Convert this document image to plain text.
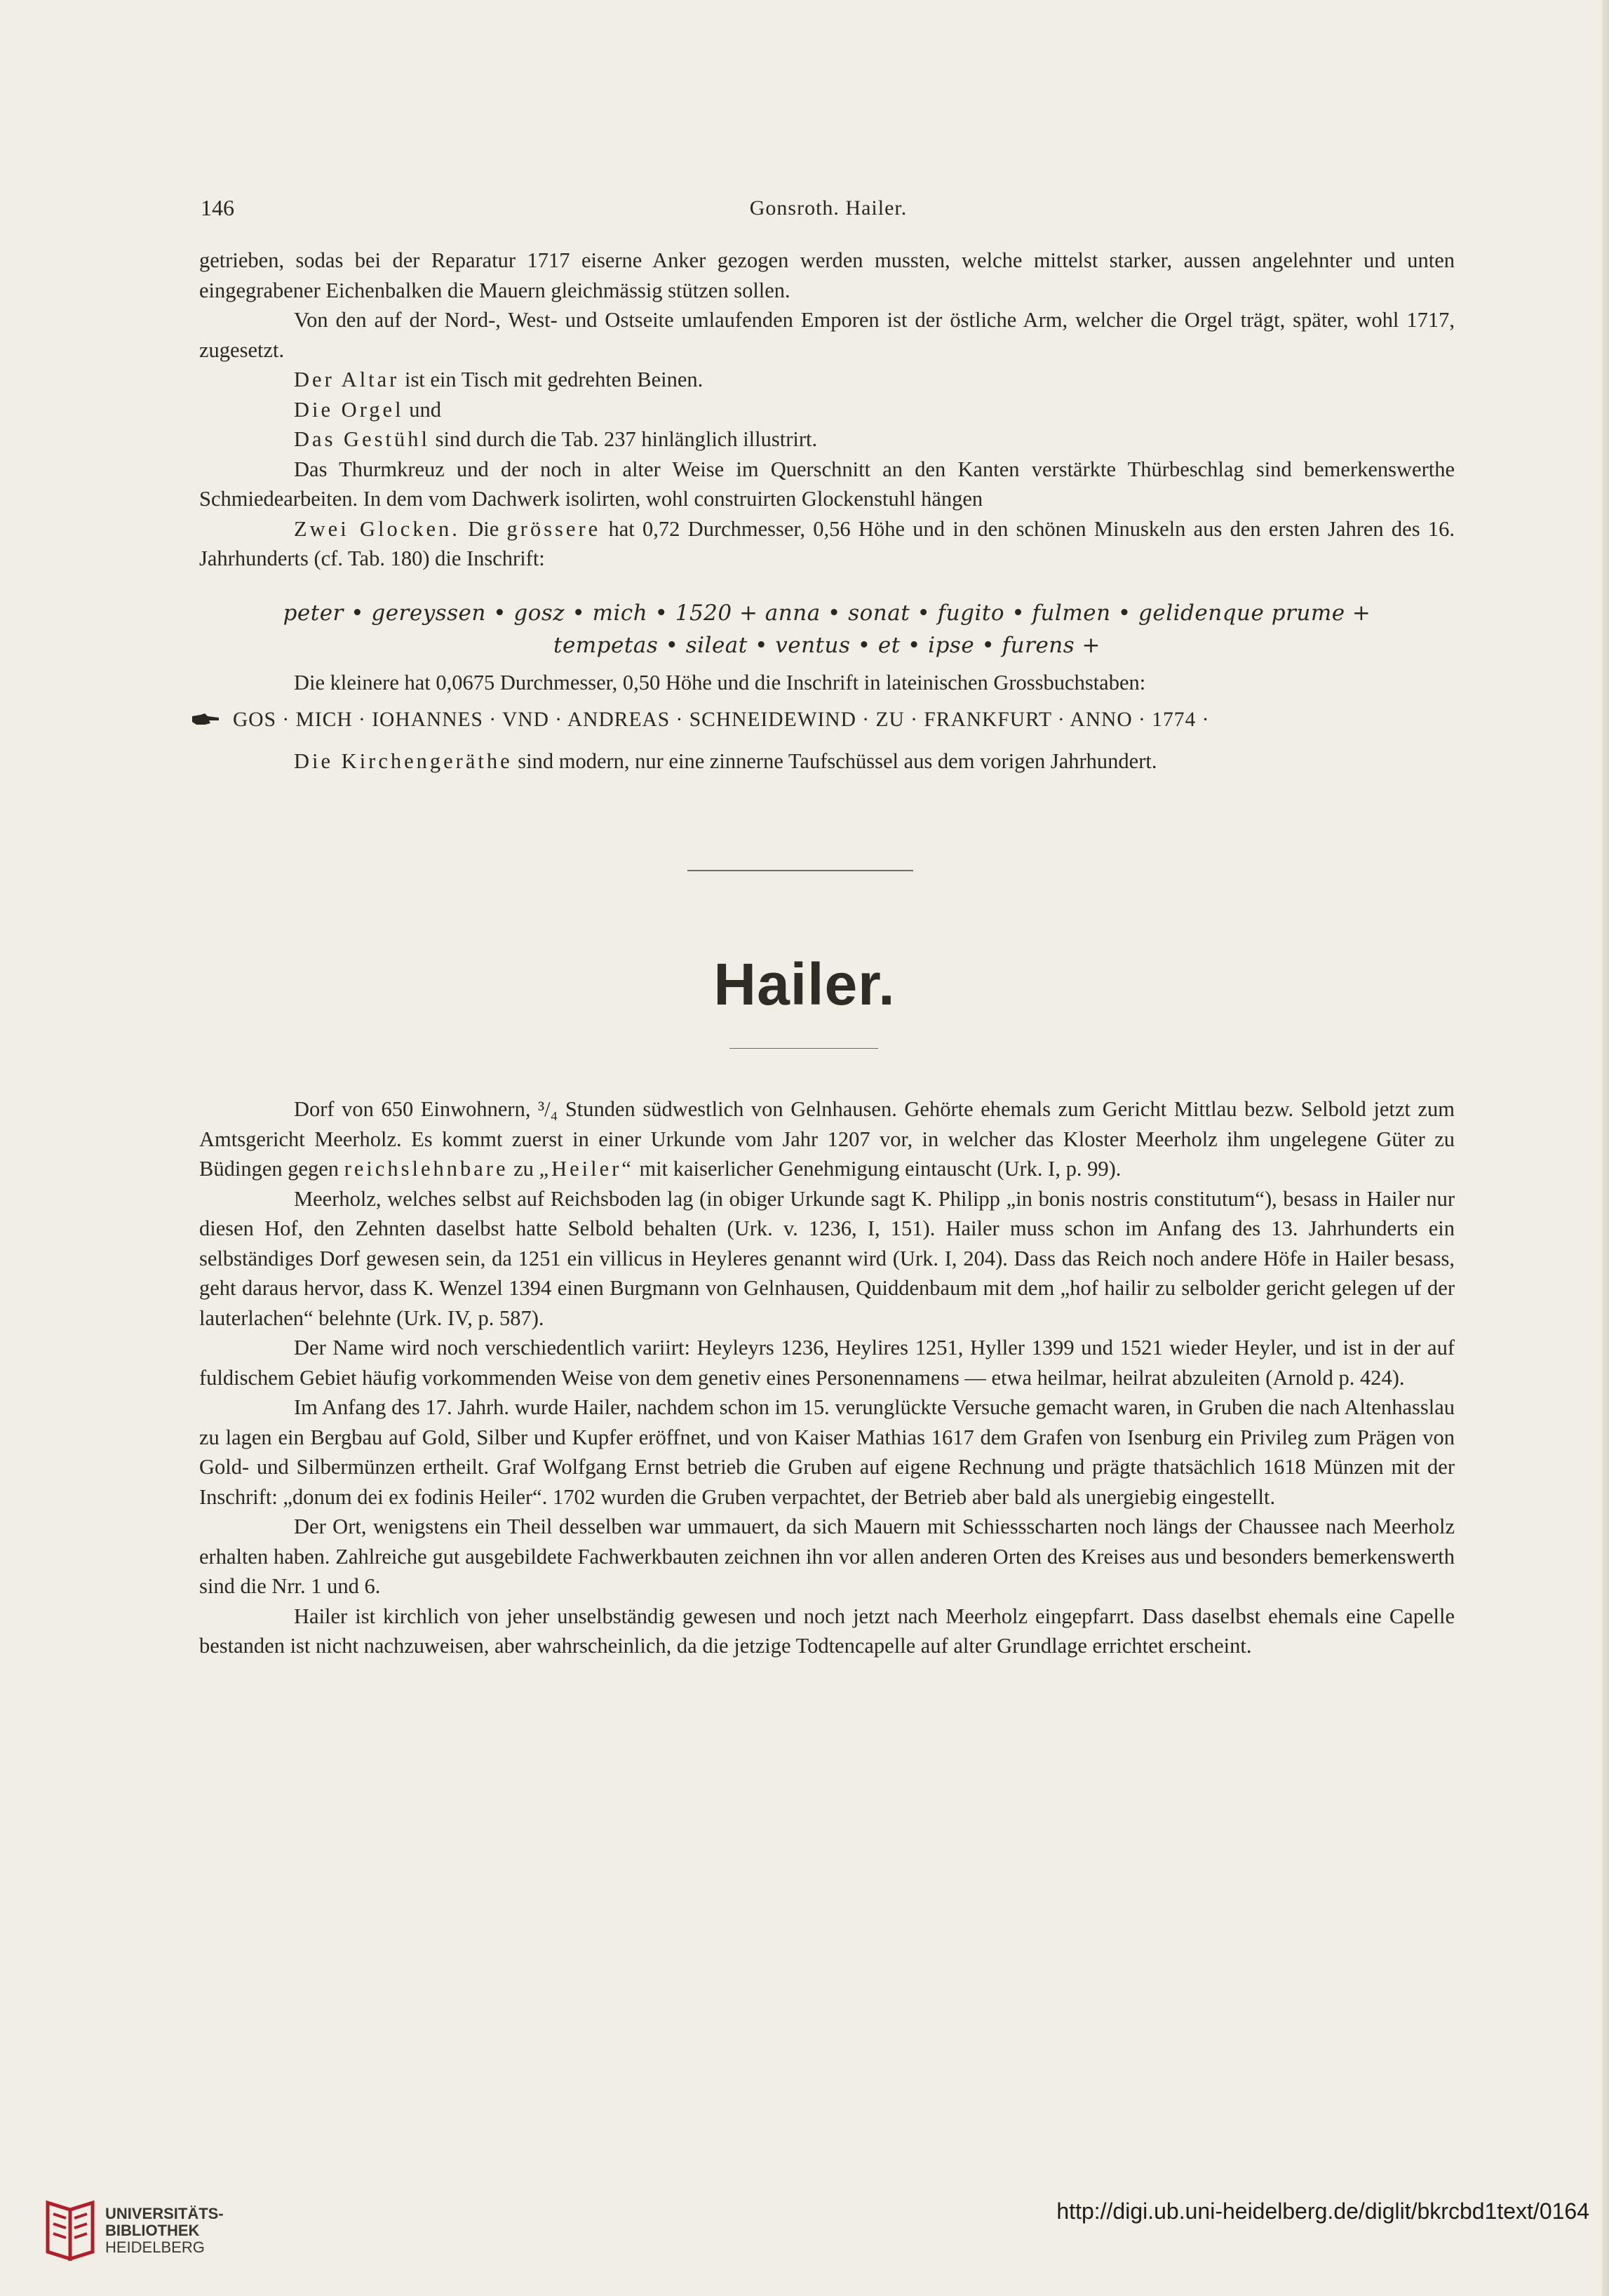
146	Gonsroth. Hailer.

getrieben, sodas bei der Reparatur 1717 eiserne Anker gezogen werden mussten, welche mittelst starker, aussen angelehnter und unten eingegrabener Eichenbalken die Mauern gleichmässig stützen sollen.

Von den auf der Nord-, West- und Ostseite umlaufenden Emporen ist der östliche Arm, welcher die Orgel trägt, später, wohl 1717, zugesetzt.

Der Altar ist ein Tisch mit gedrehten Beinen.

Die Orgel und

Das Gestühl sind durch die Tab. 237 hinlänglich illustrirt.

Das Thurmkreuz und der noch in alter Weise im Querschnitt an den Kanten verstärkte Thürbeschlag sind bemerkenswerthe Schmiedearbeiten. In dem vom Dachwerk isolirten, wohl construirten Glockenstuhl hängen

Zwei Glocken. Die grössere hat 0,72 Durchmesser, 0,56 Höhe und in den schönen Minuskeln aus den ersten Jahren des 16. Jahrhunderts (cf. Tab. 180) die Inschrift:

peter • gereyssen • gosz • mich • 1520 + anna • sonat • fugito • fulmen • gelidenque prume +
tempetas • sileat • ventus • et • ipse • furens +
Die kleinere hat 0,0675 Durchmesser, 0,50 Höhe und die Inschrift in lateinischen Grossbuchstaben:
GOS · MICH · IOHANNES · VND · ANDREAS · SCHNEIDEWIND · ZU · FRANKFURT · ANNO · 1774 ·
Die Kirchengeräthe sind modern, nur eine zinnerne Taufschüssel aus dem vorigen Jahrhundert.
Hailer.

Dorf von 650 Einwohnern, ³/₄ Stunden südwestlich von Gelnhausen. Gehörte ehemals zum Gericht Mittlau bezw. Selbold jetzt zum Amtsgericht Meerholz. Es kommt zuerst in einer Urkunde vom Jahr 1207 vor, in welcher das Kloster Meerholz ihm ungelegene Güter zu Büdingen gegen reichslehnbare zu „Heiler“ mit kaiserlicher Genehmigung eintauscht (Urk. I, p. 99).

Meerholz, welches selbst auf Reichsboden lag (in obiger Urkunde sagt K. Philipp „in bonis nostris constitutum“), besass in Hailer nur diesen Hof, den Zehnten daselbst hatte Selbold behalten (Urk. v. 1236, I, 151). Hailer muss schon im Anfang des 13. Jahrhunderts ein selbständiges Dorf gewesen sein, da 1251 ein villicus in Heyleres genannt wird (Urk. I, 204). Dass das Reich noch andere Höfe in Hailer besass, geht daraus hervor, dass K. Wenzel 1394 einen Burgmann von Gelnhausen, Quiddenbaum mit dem „hof hailir zu selbolder gericht gelegen uf der lauterlachen“ belehnte (Urk. IV, p. 587).

Der Name wird noch verschiedentlich variirt: Heyleyrs 1236, Heylires 1251, Hyller 1399 und 1521 wieder Heyler, und ist in der auf fuldischem Gebiet häufig vorkommenden Weise von dem genetiv eines Personennamens — etwa heilmar, heilrat abzuleiten (Arnold p. 424).

Im Anfang des 17. Jahrh. wurde Hailer, nachdem schon im 15. verunglückte Versuche gemacht waren, in Gruben die nach Altenhasslau zu lagen ein Bergbau auf Gold, Silber und Kupfer eröffnet, und von Kaiser Mathias 1617 dem Grafen von Isenburg ein Privileg zum Prägen von Gold- und Silbermünzen ertheilt. Graf Wolfgang Ernst betrieb die Gruben auf eigene Rechnung und prägte thatsächlich 1618 Münzen mit der Inschrift: „donum dei ex fodinis Heiler“. 1702 wurden die Gruben verpachtet, der Betrieb aber bald als unergiebig eingestellt.

Der Ort, wenigstens ein Theil desselben war ummauert, da sich Mauern mit Schiessscharten noch längs der Chaussee nach Meerholz erhalten haben. Zahlreiche gut ausgebildete Fachwerkbauten zeichnen ihn vor allen anderen Orten des Kreises aus und besonders bemerkenswerth sind die Nrr. 1 und 6.

Hailer ist kirchlich von jeher unselbständig gewesen und noch jetzt nach Meerholz eingepfarrt. Dass daselbst ehemals eine Capelle bestanden ist nicht nachzuweisen, aber wahrscheinlich, da die jetzige Todtencapelle auf alter Grundlage errichtet erscheint.

UNIVERSITÄTS-
BIBLIOTHEK
HEIDELBERG
http://digi.ub.uni-heidelberg.de/diglit/bkrcbd1text/0164
